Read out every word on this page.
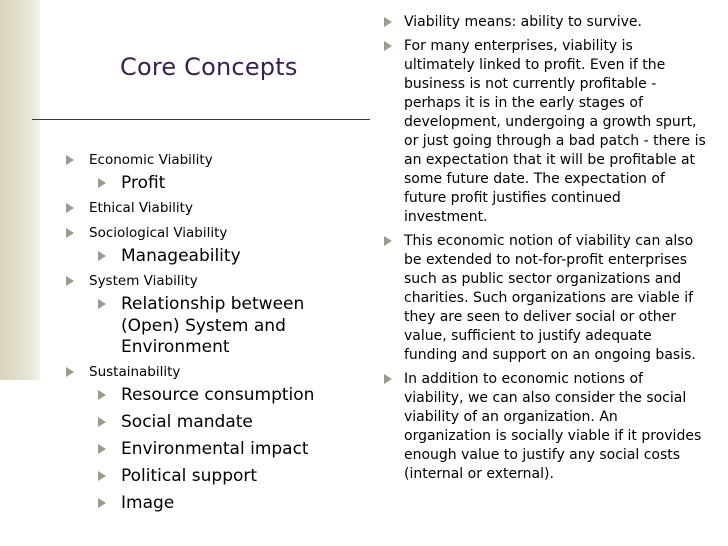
Core Concepts
Economic Viability
Profit
Ethical Viability
Sociological Viability
Manageability
System Viability
Relationship between (Open) System and Environment
Sustainability
Resource consumption
Social mandate
Environmental impact
Political support
Image
Viability means: ability to survive.
For many enterprises, viability is ultimately linked to profit. Even if the business is not currently profitable - perhaps it is in the early stages of development, undergoing a growth spurt, or just going through a bad patch - there is an expectation that it will be profitable at some future date. The expectation of future profit justifies continued investment.
This economic notion of viability can also be extended to not-for-profit enterprises such as public sector organizations and charities. Such organizations are viable if they are seen to deliver social or other value, sufficient to justify adequate funding and support on an ongoing basis.
In addition to economic notions of viability, we can also consider the social viability of an organization. An organization is socially viable if it provides enough value to justify any social costs (internal or external).
